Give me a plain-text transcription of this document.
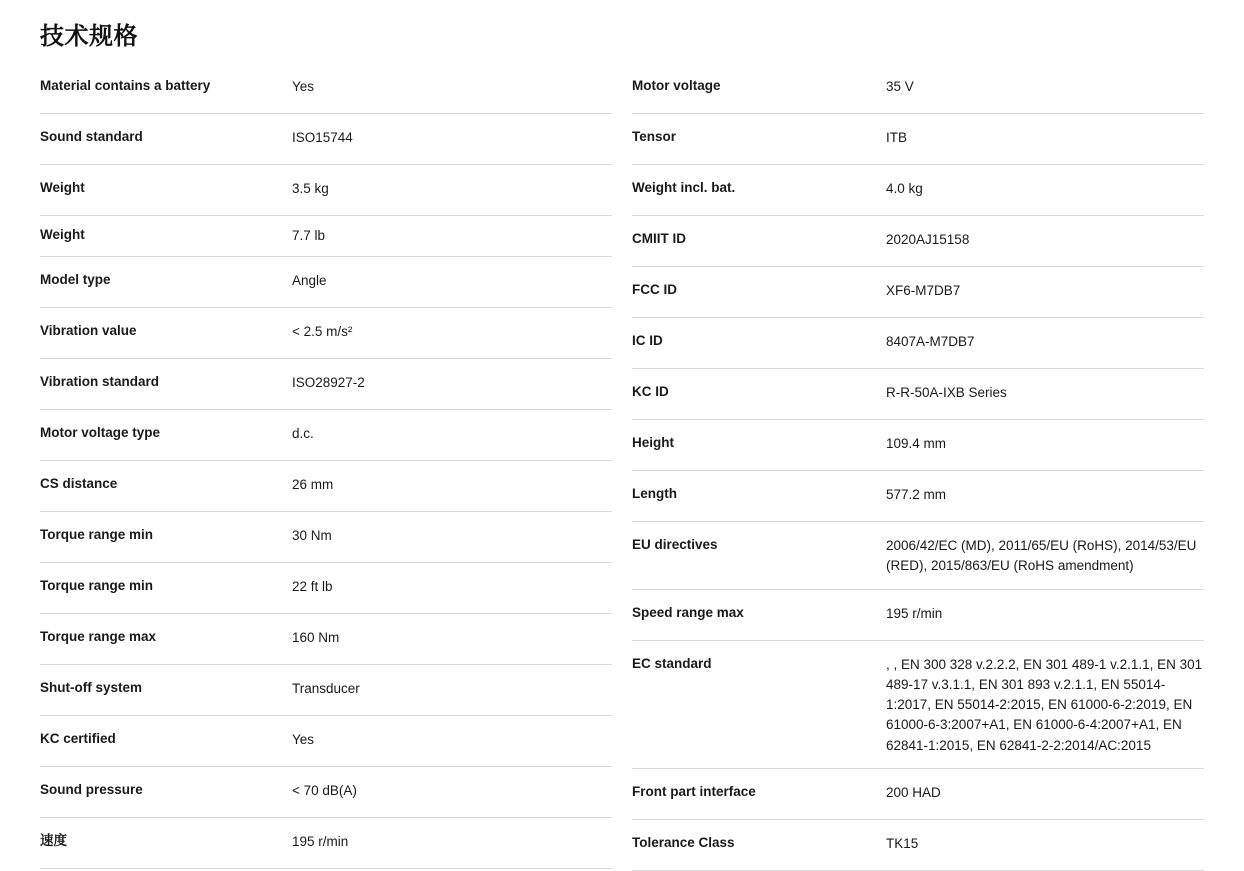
技术规格
Material contains a battery	Yes
Sound standard	ISO15744
Weight	3.5 kg
Weight	7.7 lb
Model type	Angle
Vibration value	< 2.5 m/s²
Vibration standard	ISO28927-2
Motor voltage type	d.c.
CS distance	26 mm
Torque range min	30 Nm
Torque range min	22 ft lb
Torque range max	160 Nm
Shut-off system	Transducer
KC certified	Yes
Sound pressure	< 70 dB(A)
速度	195 r/min
Motor voltage	35 V
Tensor	ITB
Weight incl. bat.	4.0 kg
CMIIT ID	2020AJ15158
FCC ID	XF6-M7DB7
IC ID	8407A-M7DB7
KC ID	R-R-50A-IXB Series
Height	109.4 mm
Length	577.2 mm
EU directives	2006/42/EC (MD), 2011/65/EU (RoHS), 2014/53/EU (RED), 2015/863/EU (RoHS amendment)
Speed range max	195 r/min
EC standard	, , EN 300 328 v.2.2.2, EN 301 489-1 v.2.1.1, EN 301 489-17 v.3.1.1, EN 301 893 v.2.1.1, EN 55014-1:2017, EN 55014-2:2015, EN 61000-6-2:2019, EN 61000-6-3:2007+A1, EN 61000-6-4:2007+A1, EN 62841-1:2015, EN 62841-2-2:2014/AC:2015
Front part interface	200 HAD
Tolerance Class	TK15
